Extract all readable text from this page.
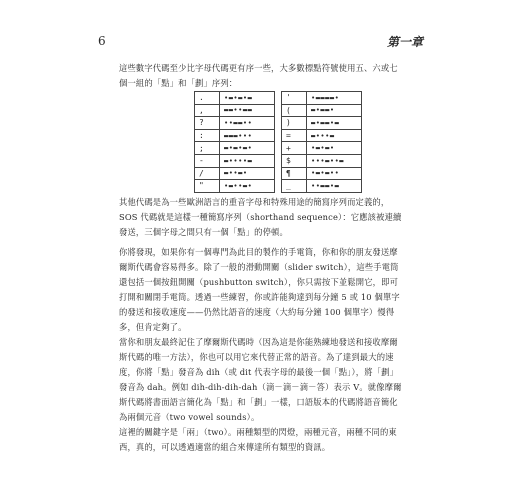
6	第一章

這些數字代碼至少比字母代碼更有序一些，大多數標點符號使用五、六或七個一組的「點」和「劃」序列：

.	•▬•▬•▬		'	•▬▬▬▬•
,	▬▬••▬▬		(	▬•▬▬•
?	••▬▬••		)	▬•▬▬•▬
:	▬▬▬•••		=	▬•••▬
;	▬•▬•▬•		+	•▬•▬•
-	▬••••▬		$	•••▬••▬
/	▬••▬•		¶	•▬•▬••
"	•▬••▬•		_	••▬▬•▬

其他代碼是為一些歐洲語言的重音字母和特殊用途的簡寫序列而定義的，SOS 代碼就是這樣一種簡寫序列（shorthand sequence）：它應該被連續發送，三個字母之間只有一個「點」的停頓。

你將發現，如果你有一個專門為此目的製作的手電筒，你和你的朋友發送摩爾斯代碼會容易得多。除了一般的滑動開關（slider switch），這些手電筒還包括一個按鈕開關（pushbutton switch），你只需按下並鬆開它，即可打開和關閉手電筒。透過一些練習，你或許能夠達到每分鐘 5 或 10 個單字的發送和接收速度——仍然比語音的速度（大約每分鐘 100 個單字）慢得多，但肯定夠了。

當你和朋友最終記住了摩爾斯代碼時（因為這是你能熟練地發送和接收摩爾斯代碼的唯一方法），你也可以用它來代替正常的語音。為了達到最大的速度，你將「點」發音為 dih（或 dit 代表字母的最後一個「點」），將「劃」發音為 dah。例如 dih-dih-dih-dah（滴－滴－滴－答）表示 V。就像摩爾斯代碼將書面語言簡化為「點」和「劃」一樣，口語版本的代碼將語音簡化為兩個元音（two vowel sounds）。

這裡的關鍵字是「兩」（two）。兩種類型的閃燈，兩種元音，兩種不同的東西，真的，可以透過適當的組合來傳達所有類型的資訊。
